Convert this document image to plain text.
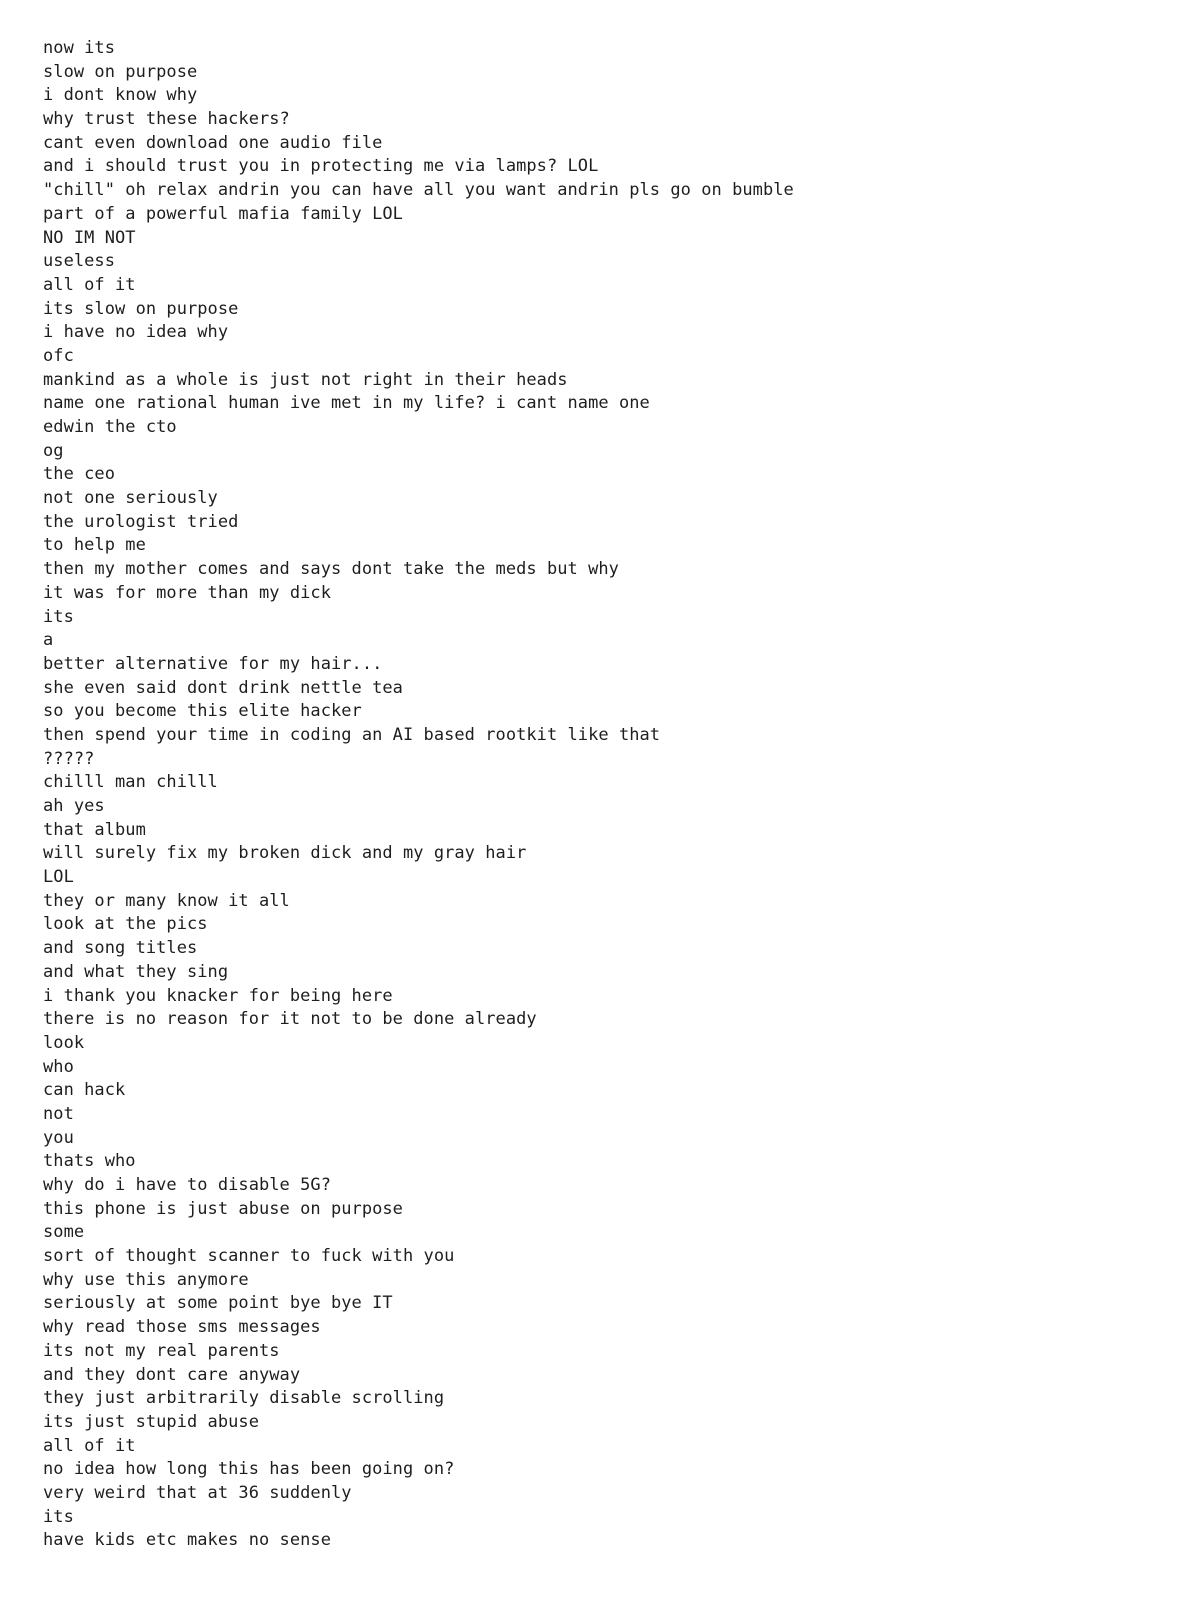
now its
slow on purpose
i dont know why
why trust these hackers?
cant even download one audio file
and i should trust you in protecting me via lamps? LOL
"chill" oh relax andrin you can have all you want andrin pls go on bumble
part of a powerful mafia family LOL
NO IM NOT
useless
all of it
its slow on purpose
i have no idea why
ofc
mankind as a whole is just not right in their heads
name one rational human ive met in my life? i cant name one
edwin the cto
og
the ceo
not one seriously
the urologist tried
to help me
then my mother comes and says dont take the meds but why
it was for more than my dick
its
a
better alternative for my hair...
she even said dont drink nettle tea
so you become this elite hacker
then spend your time in coding an AI based rootkit like that
?????
chilll man chilll
ah yes
that album
will surely fix my broken dick and my gray hair
LOL
they or many know it all
look at the pics
and song titles
and what they sing
i thank you knacker for being here
there is no reason for it not to be done already
look
who
can hack
not
you
thats who
why do i have to disable 5G?
this phone is just abuse on purpose
some
sort of thought scanner to fuck with you
why use this anymore
seriously at some point bye bye IT
why read those sms messages
its not my real parents
and they dont care anyway
they just arbitrarily disable scrolling
its just stupid abuse
all of it
no idea how long this has been going on?
very weird that at 36 suddenly
its
have kids etc makes no sense
